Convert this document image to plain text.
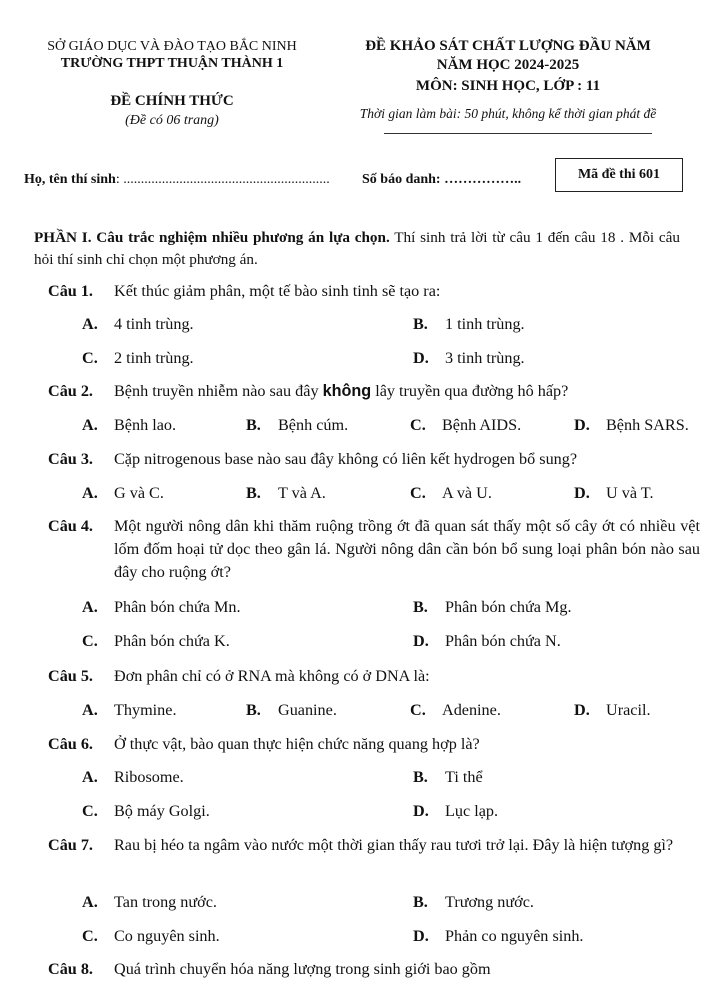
SỞ GIÁO DỤC VÀ ĐÀO TẠO BẮC NINH
TRƯỜNG THPT THUẬN THÀNH 1
ĐỀ CHÍNH THỨC
(Đề có 06 trang)
ĐỀ KHẢO SÁT CHẤT LƯỢNG ĐẦU NĂM
NĂM HỌC 2024-2025
MÔN: SINH HỌC, LỚP : 11
Thời gian làm bài: 50 phút, không kể thời gian phát đề
Họ, tên thí sinh: ........................................................... Số báo danh: ……………..	Mã đề thi 601
PHẦN I. Câu trắc nghiệm nhiều phương án lựa chọn. Thí sinh trả lời từ câu 1 đến câu 18 . Mỗi câu hỏi thí sinh chỉ chọn một phương án.
Câu 1. Kết thúc giảm phân, một tế bào sinh tinh sẽ tạo ra:
A. 4 tinh trùng.	B. 1 tinh trùng.
C. 2 tinh trùng.	D. 3 tinh trùng.
Câu 2. Bệnh truyền nhiễm nào sau đây không lây truyền qua đường hô hấp?
A. Bệnh lao.	B. Bệnh cúm.	C. Bệnh AIDS.	D. Bệnh SARS.
Câu 3. Cặp nitrogenous base nào sau đây không có liên kết hydrogen bổ sung?
A. G và C.	B. T và A.	C. A và U.	D. U và T.
Câu 4. Một người nông dân khi thăm ruộng trồng ớt đã quan sát thấy một số cây ớt có nhiều vệt lốm đốm hoại tử dọc theo gân lá. Người nông dân cần bón bổ sung loại phân bón nào sau đây cho ruộng ớt?
A. Phân bón chứa Mn.	B. Phân bón chứa Mg.
C. Phân bón chứa K.	D. Phân bón chứa N.
Câu 5. Đơn phân chỉ có ở RNA mà không có ở DNA là:
A. Thymine.	B. Guanine.	C. Adenine.	D. Uracil.
Câu 6. Ở thực vật, bào quan thực hiện chức năng quang hợp là?
A. Ribosome.	B. Ti thể
C. Bộ máy Golgi.	D. Lục lạp.
Câu 7. Rau bị héo ta ngâm vào nước một thời gian thấy rau tươi trở lại. Đây là hiện tượng gì?
A. Tan trong nước.	B. Trương nước.
C. Co nguyên sinh.	D. Phản co nguyên sinh.
Câu 8. Quá trình chuyển hóa năng lượng trong sinh giới bao gồm
